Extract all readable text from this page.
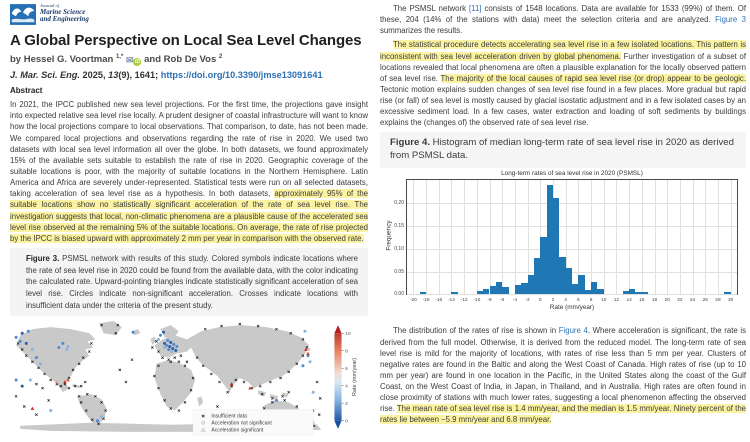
Journal of
Marine Science
and Engineering
A Global Perspective on Local Sea Level Changes
by Hessel G. Voortman $^{1,*}$ ✉ iD and Rob De Vos $^2$
J. Mar. Sci. Eng. 2025, 13(9), 1641; https://doi.org/10.3390/jmse13091641
Abstract

In 2021, the IPCC published new sea level projections. For the first time, the projections gave insight into expected relative sea level rise locally. A prudent designer of coastal infrastructure will want to know how the local projections compare to local observations. That comparison, to date, has not been made. We compared local projections and observations regarding the rate of rise in 2020. We used two datasets with local sea level information all over the globe. In both datasets, we found approximately 15% of the available sets suitable to establish the rate of rise in 2020. Geographic coverage of the suitable locations is poor, with the majority of suitable locations in the Northern Hemisphere. Latin America and Africa are severely under-represented. Statistical tests were run on all selected datasets, taking acceleration of sea level rise as a hypothesis. In both datasets, approximately 95% of the suitable locations show no statistically significant acceleration of the rate of sea level rise. The investigation suggests that local, non-climatic phenomena are a plausible cause of the accelerated sea level rise observed at the remaining 5% of the suitable locations. On average, the rate of rise projected by the IPCC is biased upward with approximately 2 mm per year in comparison with the observed rate.

Figure 3. PSMSL network with results of this study. Colored symbols indicate locations where the rate of sea level rise in 2020 could be found from the available data, with the color indicating the calculated rate. Upward-pointing triangles indicate statistically significant acceleration of sea level rise. Circles indicate non-significant acceleration. Crosses indicate locations with insufficient data under the criteria of the present study.
Insufficient data
Acceleration not significant
Acceleration significant
0
2
4
6
8
10
Rate (mm/year)

The PSMSL network [11] consists of 1548 locations. Data are available for 1533 (99%) of them. Of these, 204 (14% of the stations with data) meet the selection criteria and are analyzed. Figure 3 summarizes the results.

The statistical procedure detects accelerating sea level rise in a few isolated locations. This pattern is inconsistent with sea level acceleration driven by global phenomena. Further investigation of a subset of locations revealed that local phenomena are often a plausible explanation for the locally observed pattern of sea level rise. The majority of the local causes of rapid sea level rise (or drop) appear to be geologic. Tectonic motion explains sudden changes of sea level rise found in a few places. More gradual but rapid rise (or fall) of sea level is mostly caused by glacial isostatic adjustment and in a few isolated cases by an excessive sediment load. In a few cases, water extraction and loading of soft sediments by buildings explains the (changes of) the observed rate of sea level rise.

Figure 4. Histogram of median long-term rate of sea level rise in 2020 as derived from PSMSL data.
Long-term rates of sea level rise in 2020 (PSMSL)
Frequency
-20 -18 -16 -14 -12 -10 -8 -6 -4 -2 0 2 4 6 8 10 12 14 16 18 20 22 24 26 28 30
0.00
0.05
0.10
0.15
0.20
Rate (mm/year)

The distribution of the rates of rise is shown in Figure 4. Where acceleration is significant, the rate is derived from the full model. Otherwise, it is derived from the reduced model. The long-term rate of sea level rise is mild for the majority of locations, with rates of rise less than 5 mm per year. Clusters of negative rates are found in the Baltic and along the West Coast of Canada. High rates of rise (up to 10 mm per year) are found in one location in the Pacific, in the United States along the coast of the Gulf Coast, on the West Coast of India, in Japan, in Thailand, and in Australia. High rates are often found in close proximity of stations with much lower rates, suggesting a local phenomenon affecting the observed rise. The mean rate of sea level rise is 1.4 mm/year, and the median is 1.5 mm/year. Ninety percent of the rates lie between −5.9 mm/year and 6.8 mm/year.
